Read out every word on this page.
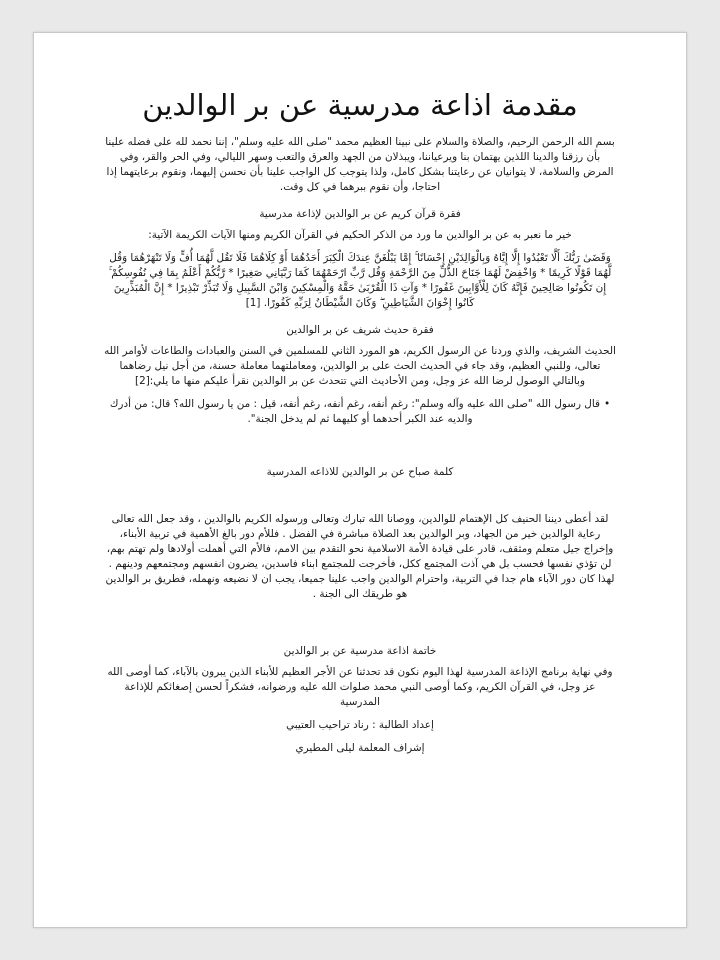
مقدمة اذاعة مدرسية عن بر الوالدين

بسم الله الرحمن الرحيم، والصلاة والسلام على نبينا العظيم محمد "صلى الله عليه وسلم"، إننا نحمد لله على فضله علينا بأن رزقنا والدينا اللذين يهتمان بنا ويرعياننا، ويبذلان من الجهد والعرق والتعب وسهر الليالي، وفي الحر والقر، وفي المرض والسلامة، لا يتوانيان عن رعايتنا بشكل كامل، ولذا يتوجب كل الواجب علينا بأن نحسن إليهما، ونقوم برعايتهما إذا احتاجا، وأن نقوم ببرهما في كل وقت.

فقرة قرآن كريم عن بر الوالدين لإذاعة مدرسية

خير ما نعبر به عن بر الوالدين ما ورد من الذكر الحكيم في القرآن الكريم ومنها الآيات الكريمة الآتية:

وَقَضَىٰ رَبُّكَ أَلَّا تَعْبُدُوا إِلَّا إِيَّاهُ وَبِالْوَالِدَيْنِ إِحْسَانًا ۚ إِمَّا يَبْلُغَنَّ عِندَكَ الْكِبَرَ أَحَدُهُمَا أَوْ كِلَاهُمَا فَلَا تَقُل لَّهُمَا أُفٍّ وَلَا تَنْهَرْهُمَا وَقُل لَّهُمَا قَوْلًا كَرِيمًا * وَاخْفِضْ لَهُمَا جَنَاحَ الذُّلِّ مِنَ الرَّحْمَةِ وَقُل رَّبِّ ارْحَمْهُمَا كَمَا رَبَّيَانِي صَغِيرًا * رَّبُّكُمْ أَعْلَمُ بِمَا فِي نُفُوسِكُمْ ۚ إِن تَكُونُوا صَالِحِينَ فَإِنَّهُ كَانَ لِلْأَوَّابِينَ غَفُورًا * وَآتِ ذَا الْقُرْبَىٰ حَقَّهُ وَالْمِسْكِينَ وَابْنَ السَّبِيلِ وَلَا تُبَذِّرْ تَبْذِيرًا * إِنَّ الْمُبَذِّرِينَ كَانُوا إِخْوَانَ الشَّيَاطِينِ ۖ وَكَانَ الشَّيْطَانُ لِرَبِّهِ كَفُورًا. [1]

فقرة حديث شريف عن بر الوالدين

الحديث الشريف، والذي وردنا عن الرسول الكريم، هو المورد الثاني للمسلمين في السنن والعبادات والطاعات لأوامر الله تعالى، وللنبي العظيم، وقد جاء في الحديث الحث على بر الوالدين، ومعاملتهما معاملة حسنة، من أجل نيل رضاهما وبالتالي الوصول لرضا الله عز وجل، ومن الأحاديث التي تتحدث عن بر الوالدين نقرأ عليكم منها ما يلي:[2]

•قال رسول الله "صلى الله عليه وآله وسلم": رغم أنفه، رغم أنفه، رغم أنفه، قيل : من يا رسول الله؟ قال: من أدرك والديه عند الكبر أحدهما أو كليهما ثم لم يدخل الجنة".
كلمة صباح عن بر الوالدين للاذاعه المدرسية

لقد أعطى ديننا الحنيف كل الإهتمام للوالدين، ووصانا الله تبارك وتعالى ورسوله الكريم بالوالدين ، وقد جعل الله تعالى رعاية الوالدين خير من الجهاد، وبر الوالدين بعد الصلاة مباشرة في الفضل . فللأم دور بالغ الأهمية في تربية الأبناء، وإخراج جيل متعلم ومثقف، قادر على قيادة الأمة الاسلامية نحو التقدم بين الامم، فالأم التي أهملت أولادها ولم تهتم بهم، لن تؤذي نفسها فحسب بل هي آذت المجتمع ككل، فأخرجت للمجتمع ابناء فاسدين، يضرون انفسهم ومجتمعهم ودينهم . لهذا كان دور الآباء هام جدا في التربية، واحترام الوالدين واجب علينا جميعا، يجب ان لا نضيعه ونهمله، فطريق بر الوالدين هو طريقك الى الجنة .

خاتمة اذاعة مدرسية عن بر الوالدين

وفي نهاية برنامج الإذاعة المدرسية لهذا اليوم نكون قد تحدثنا عن الأجر العظيم للأبناء الذين يبرون بالآباء، كما أوصى الله عز وجل، في القرآن الكريم، وكما أوصى النبي محمد صلوات الله عليه ورضوانه، فشكراً لحسن إصغائكم للإذاعة المدرسية

إعداد الطالبة : رناد تراحيب العتيبي
إشراف المعلمة ليلى المطيري
